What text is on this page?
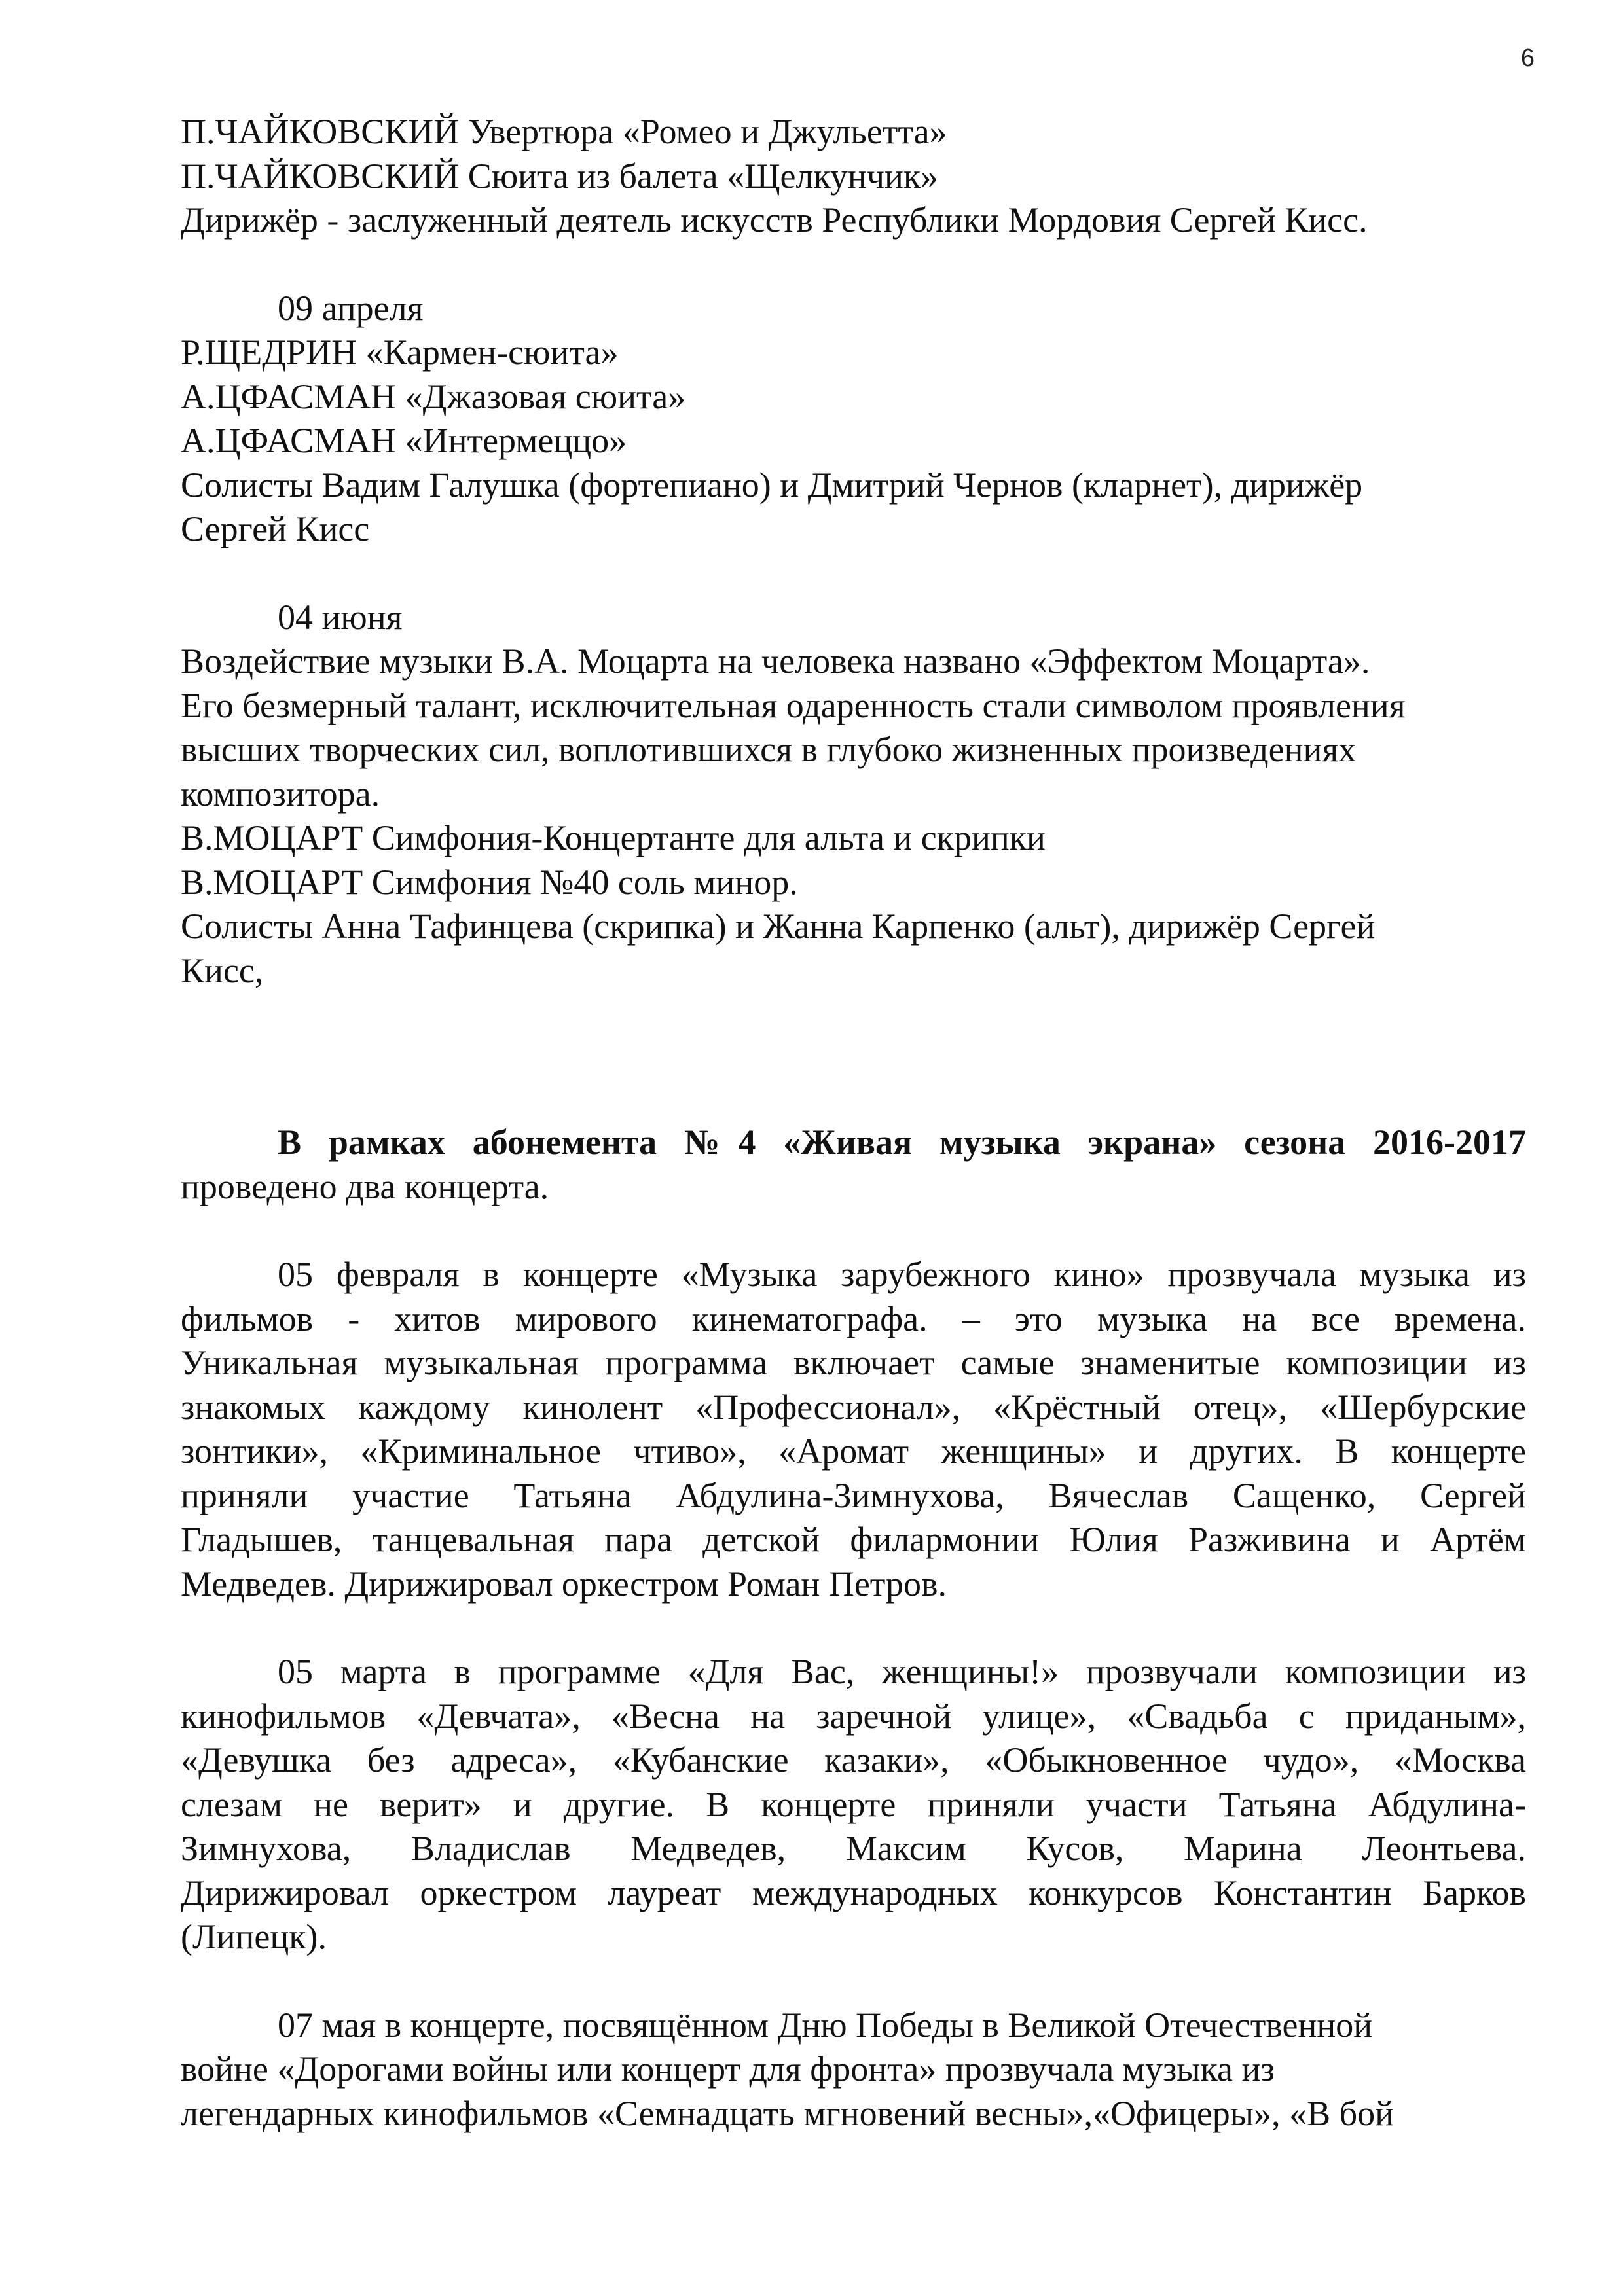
6
П.ЧАЙКОВСКИЙ Увертюра «Ромео и Джульетта»
П.ЧАЙКОВСКИЙ Сюита из балета «Щелкунчик»
Дирижёр - заслуженный деятель искусств Республики Мордовия Сергей Кисс.
09 апреля
Р.ЩЕДРИН «Кармен-сюита»
А.ЦФАСМАН «Джазовая сюита»
А.ЦФАСМАН «Интермеццо»
Солисты Вадим Галушка (фортепиано) и Дмитрий Чернов (кларнет), дирижёр
Сергей Кисс
04 июня
Воздействие музыки В.А. Моцарта на человека названо «Эффектом Моцарта».
Его безмерный талант, исключительная одаренность стали символом проявления
высших творческих сил, воплотившихся в глубоко жизненных произведениях
композитора.
В.МОЦАРТ Симфония-Концертанте для альта и скрипки
В.МОЦАРТ Симфония №40 соль минор.
Солисты Анна Тафинцева (скрипка) и Жанна Карпенко (альт), дирижёр Сергей
Кисс,
В рамках абонемента №4 «Живая музыка экрана» сезона 2016-2017
проведено два концерта.
05 февраля в концерте «Музыка зарубежного кино» прозвучала музыка из
фильмов - хитов мирового кинематографа. – это музыка на все времена.
Уникальная музыкальная программа включает самые знаменитые композиции из
знакомых каждому кинолент «Профессионал», «Крёстный отец», «Шербурские
зонтики», «Криминальное чтиво», «Аромат женщины» и других. В концерте
приняли участие Татьяна Абдулина-Зимнухова, Вячеслав Сащенко, Сергей
Гладышев, танцевальная пара детской филармонии Юлия Разживина и Артём
Медведев. Дирижировал оркестром Роман Петров.
05 марта в программе «Для Вас, женщины!» прозвучали композиции из
кинофильмов «Девчата», «Весна на заречной улице», «Свадьба с приданым»,
«Девушка без адреса», «Кубанские казаки», «Обыкновенное чудо», «Москва
слезам не верит» и другие. В концерте приняли участи Татьяна Абдулина-
Зимнухова, Владислав Медведев, Максим Кусов, Марина Леонтьева.
Дирижировал оркестром лауреат международных конкурсов Константин Барков
(Липецк).
07 мая в концерте, посвящённом Дню Победы в Великой Отечественной
войне «Дорогами войны или концерт для фронта» прозвучала музыка из
легендарных кинофильмов «Семнадцать мгновений весны»,«Офицеры», «В бой
